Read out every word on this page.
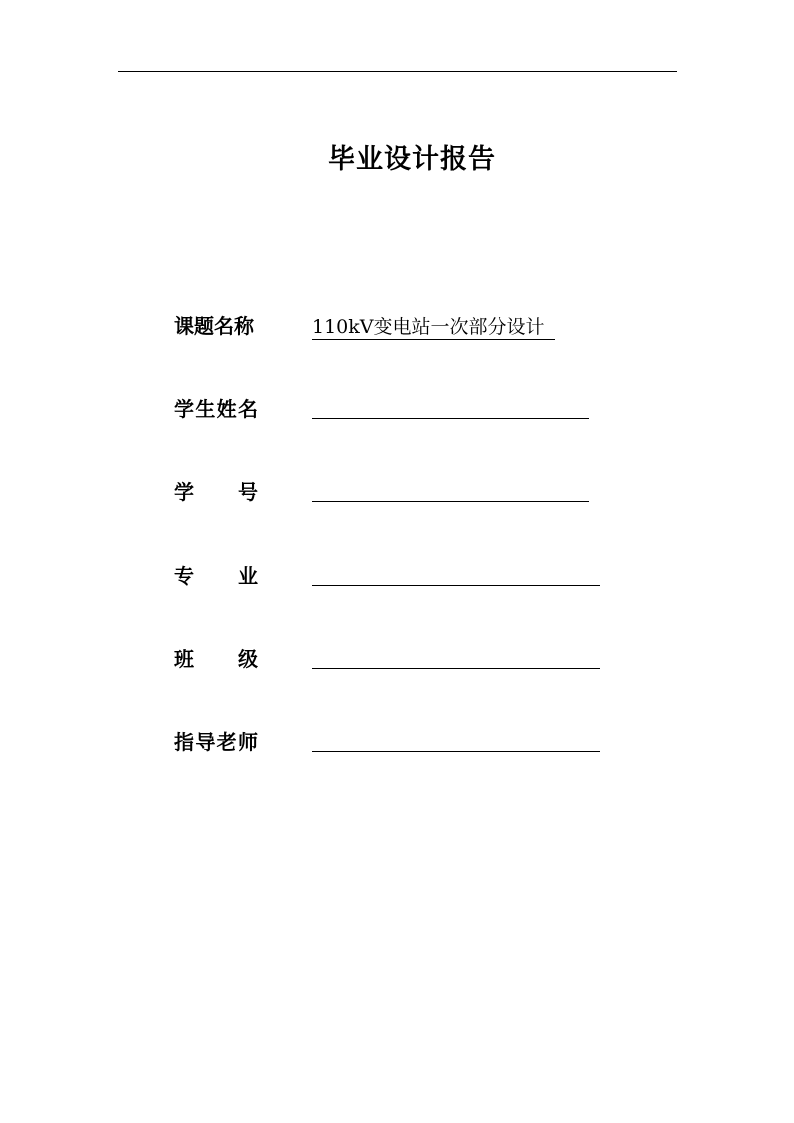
毕业设计报告
课题名称	110kV变电站一次部分设计
学 生 姓 名
学 号
专 业
班 级
指 导 老 师
